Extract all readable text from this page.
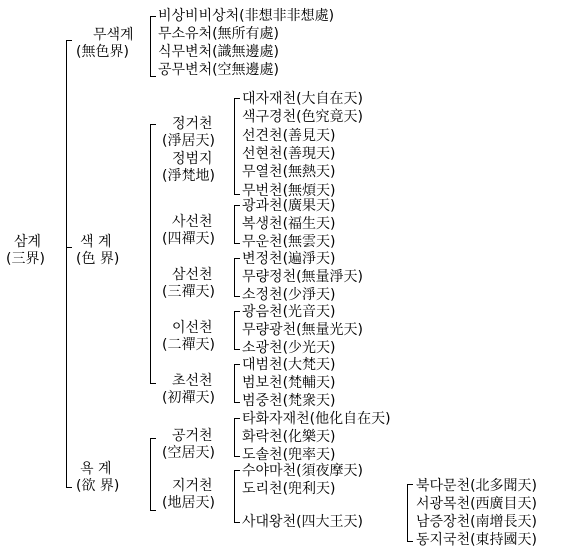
삼계
(三界)
무색계
(無色界)
비상비비상처(非想非非想處)
무소유처(無所有處)
식무변처(識無邊處)
공무변처(空無邊處)
색 계
(色 界)
정거천
(淨居天)
정범지
(淨梵地)
대자재천(大自在天)
색구경천(色究竟天)
선견천(善見天)
선현천(善現天)
무열천(無熱天)
무번천(無煩天)
사선천
(四禪天)
광과천(廣果天)
복생천(福生天)
무운천(無雲天)
삼선천
(三禪天)
변정천(遍淨天)
무량정천(無量淨天)
소정천(少淨天)
이선천
(二禪天)
광음천(光音天)
무량광천(無量光天)
소광천(少光天)
초선천
(初禪天)
대범천(大梵天)
범보천(梵輔天)
범중천(梵衆天)
욕 계
(欲 界)
공거천
(空居天)
타화자재천(他化自在天)
화락천(化樂天)
도솔천(兜率天)
수야마천(須夜摩天)
지거천
(地居天)
도리천(兜利天)
사대왕천(四大王天)
북다문천(北多聞天)
서광목천(西廣目天)
남증장천(南增長天)
동지국천(東持國天)
